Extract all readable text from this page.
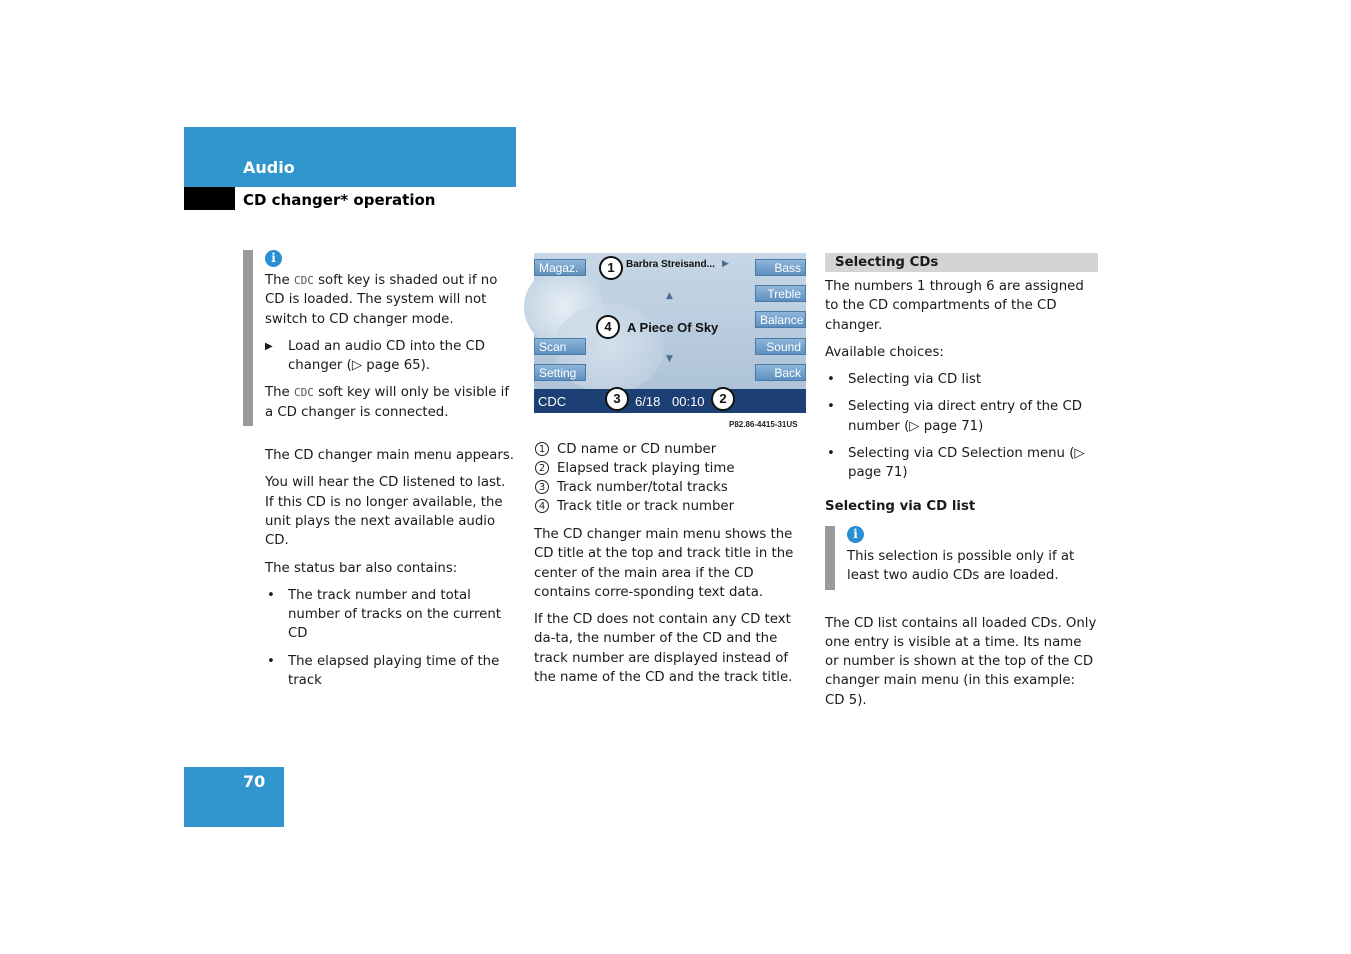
Audio
CD changer* operation
i

The CDC soft key is shaded out if no CD is loaded. The system will not switch to CD changer mode.

▶ Load an audio CD into the CD changer (▷ page 65).

The CDC soft key will only be visible if a CD changer is connected.

The CD changer main menu appears.

You will hear the CD listened to last. If this CD is no longer available, the unit plays the next available audio CD.

The status bar also contains:

• The track number and total number of tracks on the current CD
• The elapsed playing time of the track
Magaz.
Scan
Setting
Bass
Treble
Balance
Sound
Back
1	Barbra Streisand... ▶
▲
4	A Piece Of Sky
▼
CDC	6/18 00:10
3	2
P82.86-4415-31US
1 CD name or CD number
2 Elapsed track playing time
3 Track number/total tracks
4 Track title or track number

The CD changer main menu shows the CD title at the top and track title in the center of the main area if the CD contains corre-sponding text data.

If the CD does not contain any CD text da-ta, the number of the CD and the track number are displayed instead of the name of the CD and the track title.

Selecting CDs

The numbers 1 through 6 are assigned to the CD compartments of the CD changer.

Available choices:

• Selecting via CD list
• Selecting via direct entry of the CD number (▷ page 71)
• Selecting via CD Selection menu (▷ page 71)
Selecting via CD list
i

This selection is possible only if at least two audio CDs are loaded.

The CD list contains all loaded CDs. Only one entry is visible at a time. Its name or number is shown at the top of the CD changer main menu (in this example: CD 5).

70
